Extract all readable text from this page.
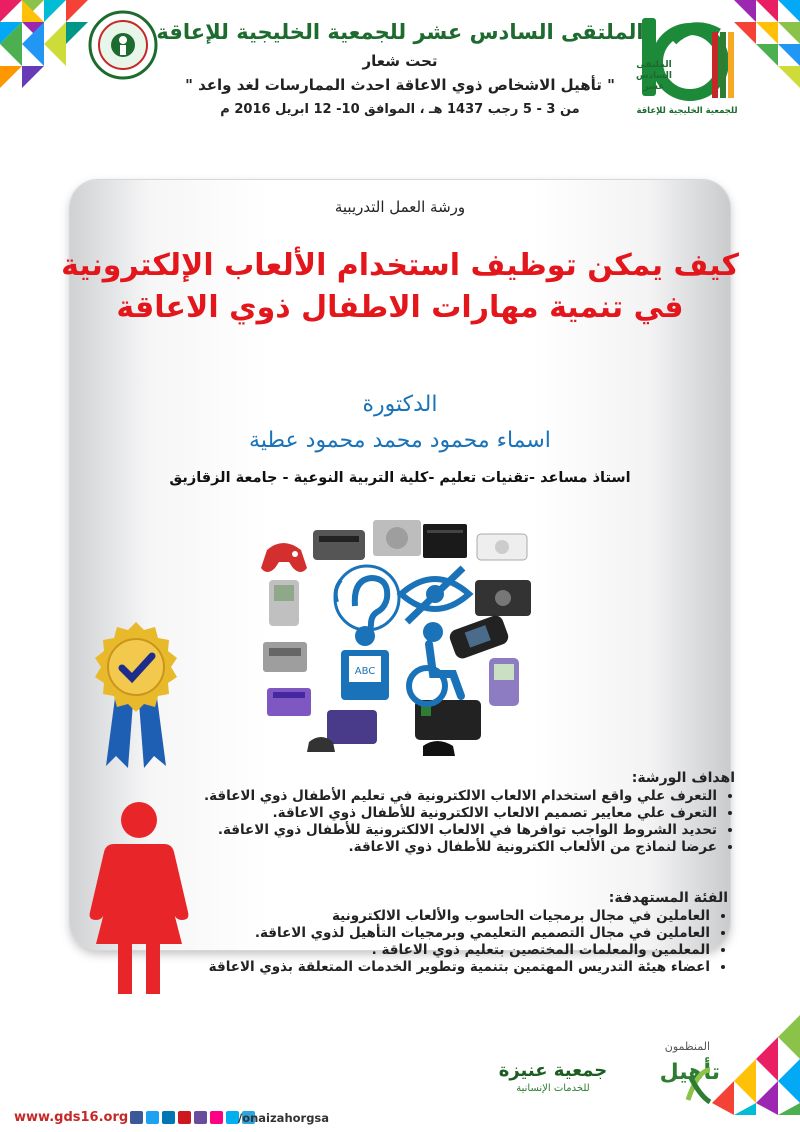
الملتقى
السادس
عشر
للجمعية الخليجية للإعاقة
الملتقى السادس عشر للجمعية الخليجية للإعاقة
تحت شعار
" تأهيل الاشخاص ذوي الاعاقة احدث الممارسات لغد واعد "
من 3 - 5 رجب 1437 هـ ، الموافق 10- 12 ابريل 2016 م
ورشة العمل التدريبية
كيف يمكن توظيف استخدام الألعاب الإلكترونية
في تنمية مهارات الاطفال ذوي الاعاقة
الدكتورة
اسماء محمود محمد محمود عطية
استاذ مساعد -تقنيات تعليم -كلية التربية النوعية - جامعة الزقازيق
ABC
اهداف الورشة:
• التعرف علي واقع استخدام الالعاب الالكترونية في تعليم الأطفال ذوي الاعاقة.
• التعرف علي معايير تصميم الالعاب الالكترونية للأطفال ذوي الاعاقة.
• تحديد الشروط الواجب توافرها في الالعاب الالكترونية للأطفال ذوي الاعاقة.
• عرضا لنماذج من الألعاب الكترونية للأطفال ذوي الاعاقة.
الفئة المستهدفة:
• العاملين في مجال برمجيات الحاسوب والألعاب الالكترونية
• العاملين في مجال التصميم التعليمي وبرمجيات التأهيل لذوي الاعاقة.
• المعلمين والمعلمات المختصين بتعليم ذوي الاعاقة .
• اعضاء هيئة التدريس المهتمين بتنمية وتطوير الخدمات المتعلقة بذوي الاعاقة
المنظمون
تأهيل
جمعية عنيزة
للخدمات الإنسانية
www.gds16.org	/onaizahorgsa
